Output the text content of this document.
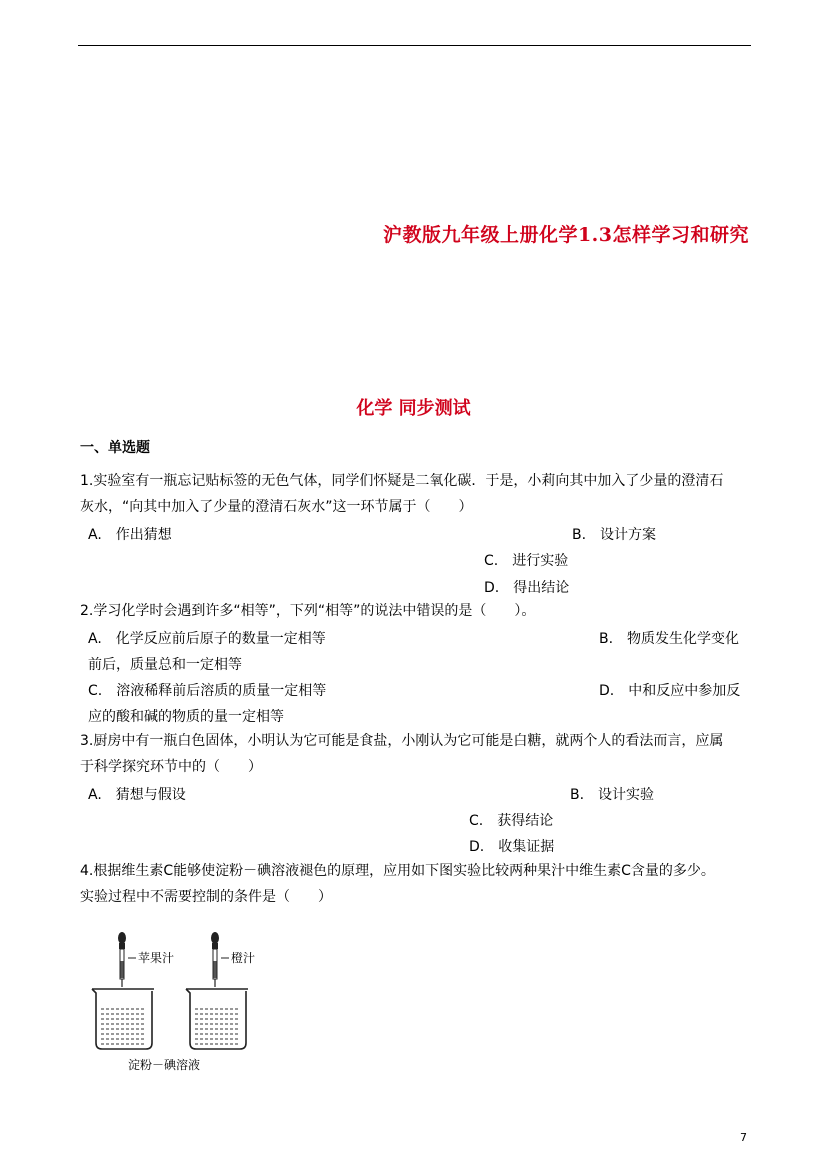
沪教版九年级上册化学1.3怎样学习和研究
化学 同步测试
一、单选题
1.实验室有一瓶忘记贴标签的无色气体，同学们怀疑是二氧化碳．于是，小莉向其中加入了少量的澄清石
灰水，“向其中加入了少量的澄清石灰水”这一环节属于（　　）
A.　作出猜想	B.　设计方案
C.　进行实验
D.　得出结论
2.学习化学时会遇到许多“相等”，下列“相等”的说法中错误的是（　　）。
A.　化学反应前后原子的数量一定相等	B.　物质发生化学变化
前后，质量总和一定相等
C.　溶液稀释前后溶质的质量一定相等	D.　中和反应中参加反
应的酸和碱的物质的量一定相等
3.厨房中有一瓶白色固体，小明认为它可能是食盐，小刚认为它可能是白糖，就两个人的看法而言，应属
于科学探究环节中的（　　）
A.　猜想与假设	B.　设计实验
C.　获得结论
D.　收集证据
4.根据维生素C能够使淀粉－碘溶液褪色的原理，应用如下图实验比较两种果汁中维生素C含量的多少。
实验过程中不需要控制的条件是（　　）
苹果汁	橙汁
淀粉－碘溶液
7
